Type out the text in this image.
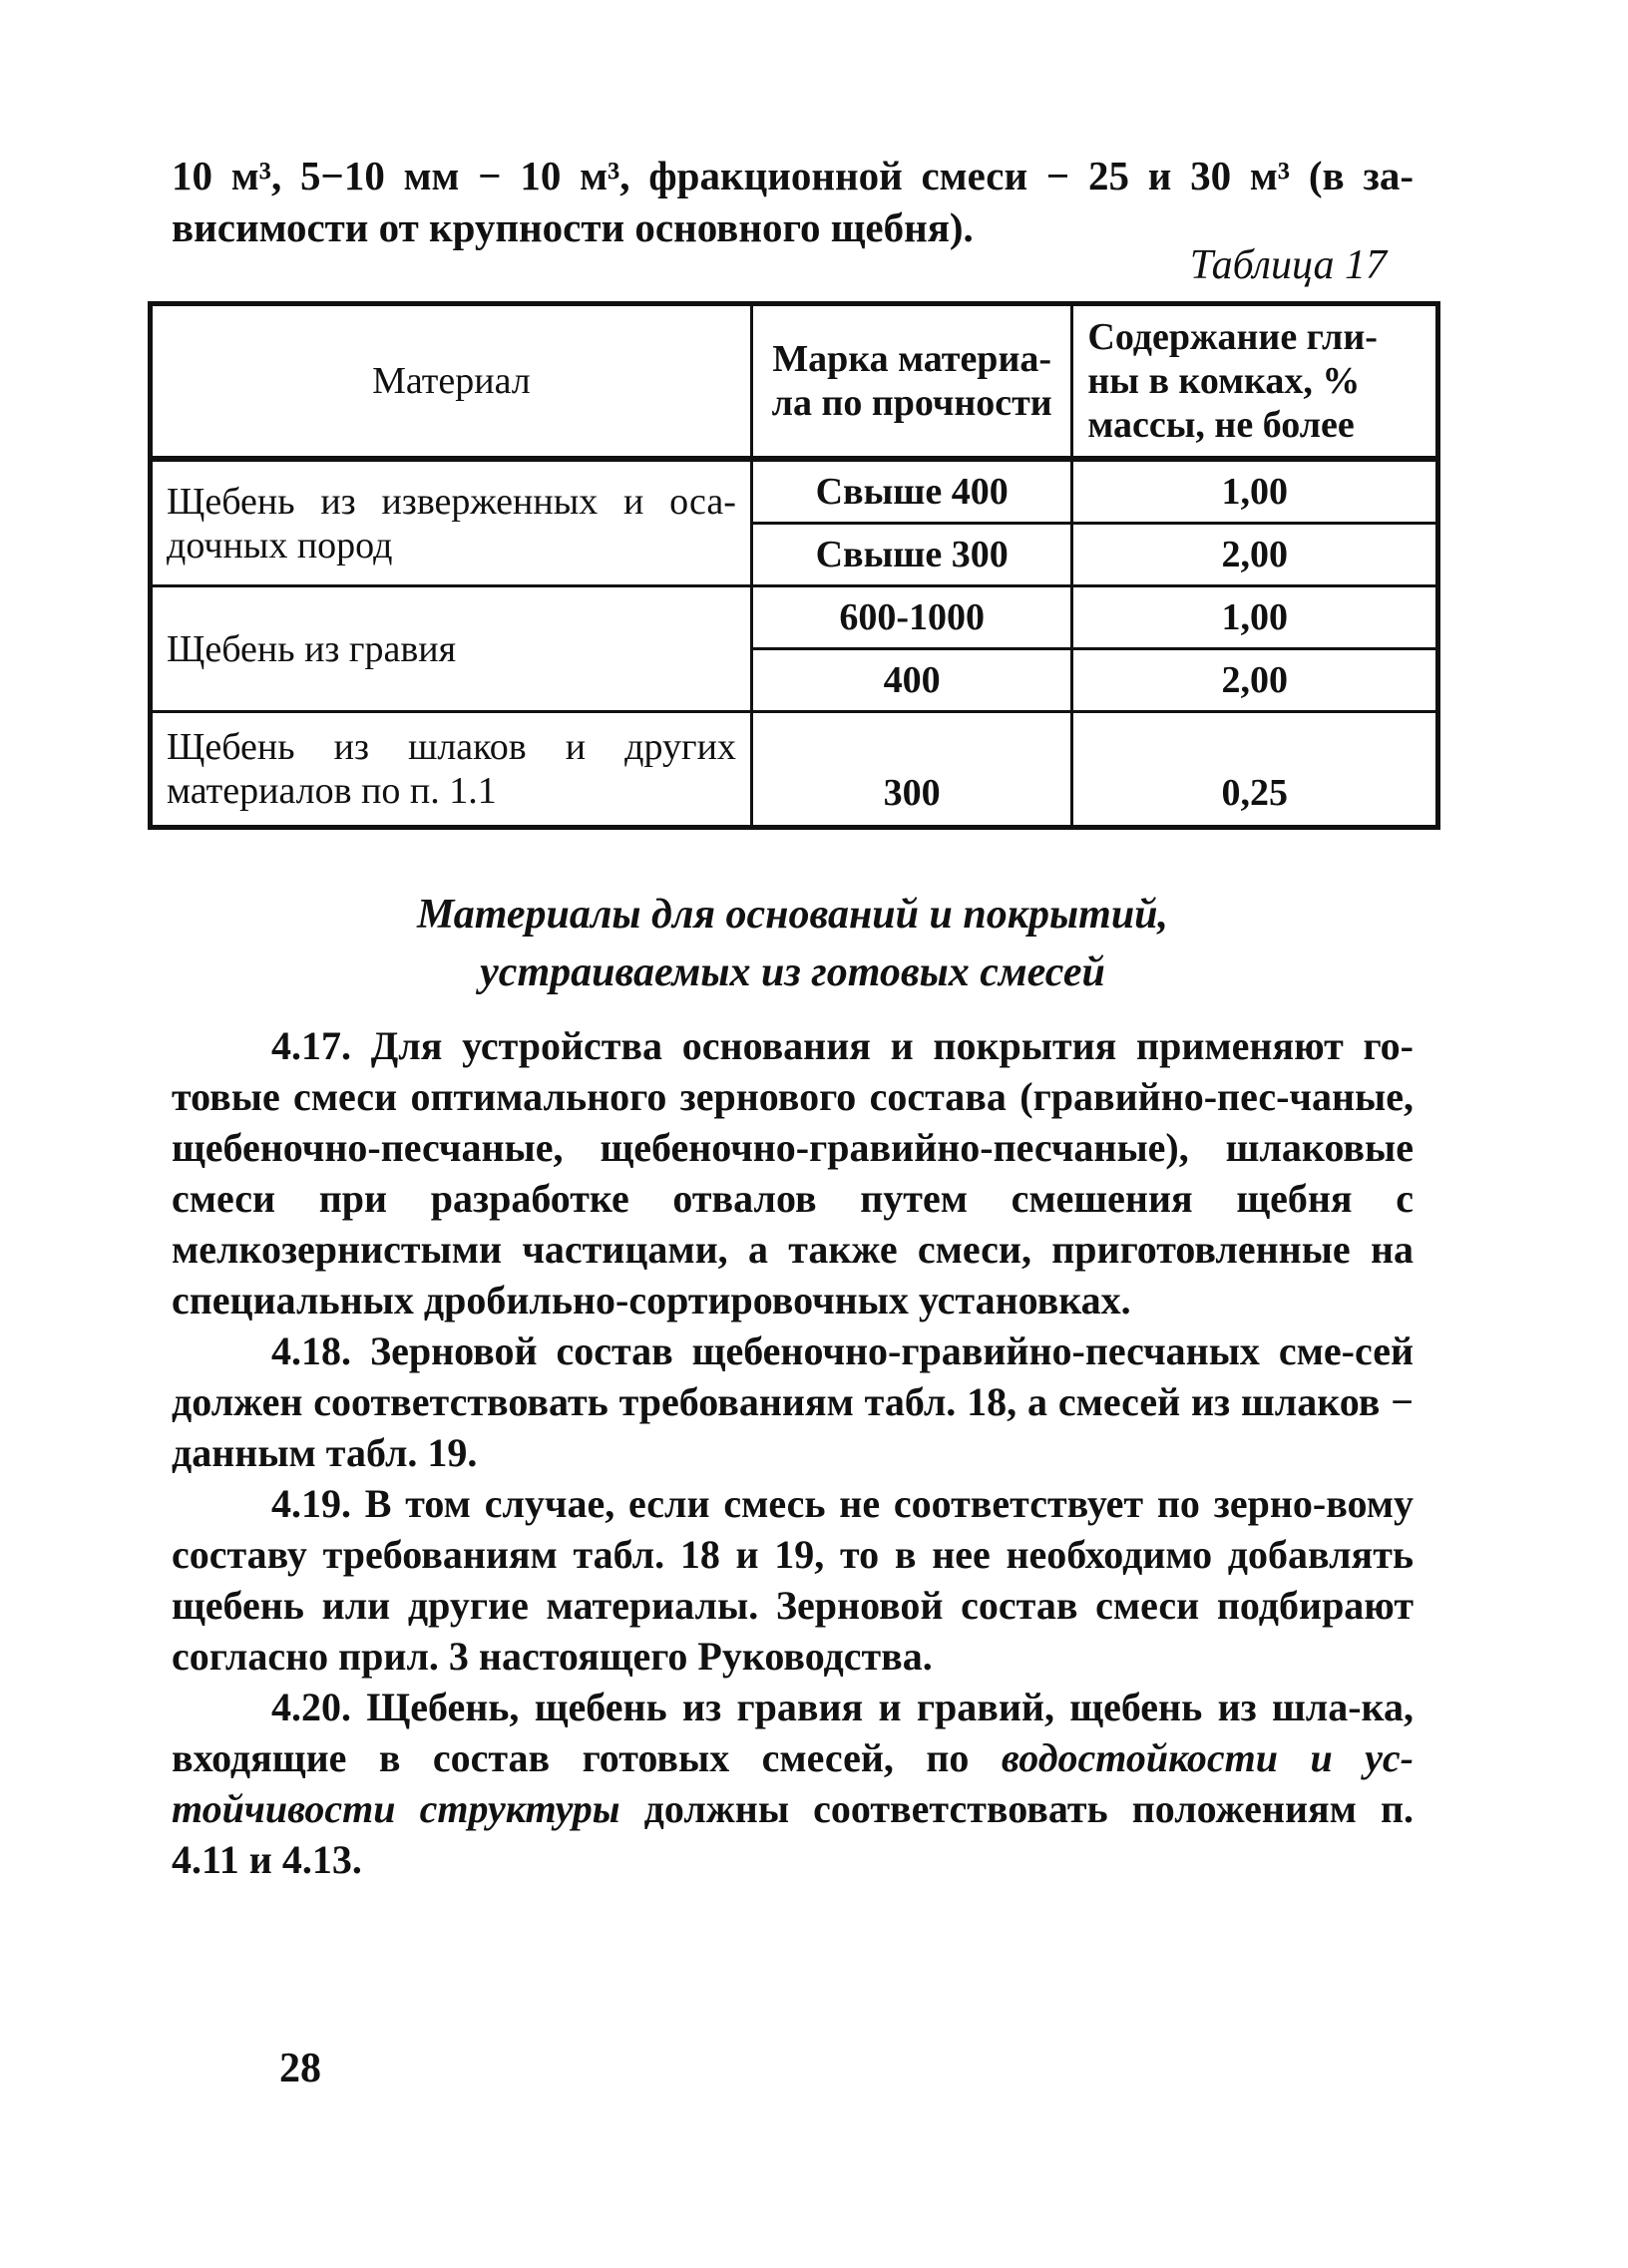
10 м³, 5−10 мм − 10 м³, фракционной смеси − 25 и 30 м³ (в за-
висимости от крупности основного щебня).
Таблица 17
Материал	Марка материа-ла по прочности	Содержание гли-ны в комках, % массы, не более
Щебень из изверженных и оса-дочных пород	Свыше 400	1,00
	Свыше 300	2,00
Щебень из гравия	600-1000	1,00
	400	2,00
Щебень из шлаков и других материалов по п. 1.1	300	0,25
Материалы для оснований и покрытий,
устраиваемых из готовых смесей

4.17. Для устройства основания и покрытия применяют го-товые смеси оптимального зернового состава (гравийно-пес-чаные, щебеночно-песчаные, щебеночно-гравийно-песчаные), шлаковые смеси при разработке отвалов путем смешения щебня с мелкозернистыми частицами, а также смеси, приготовленные на специальных дробильно-сортировочных установках.

4.18. Зерновой состав щебеночно-гравийно-песчаных сме-сей должен соответствовать требованиям табл. 18, а смесей из шлаков − данным табл. 19.

4.19. В том случае, если смесь не соответствует по зерно-вому составу требованиям табл. 18 и 19, то в нее необходимо добавлять щебень или другие материалы. Зерновой состав смеси подбирают согласно прил. 3 настоящего Руководства.

4.20. Щебень, щебень из гравия и гравий, щебень из шла-ка, входящие в состав готовых смесей, по водостойкости и ус-тойчивости структуры должны соответствовать положениям п. 4.11 и 4.13.

28
